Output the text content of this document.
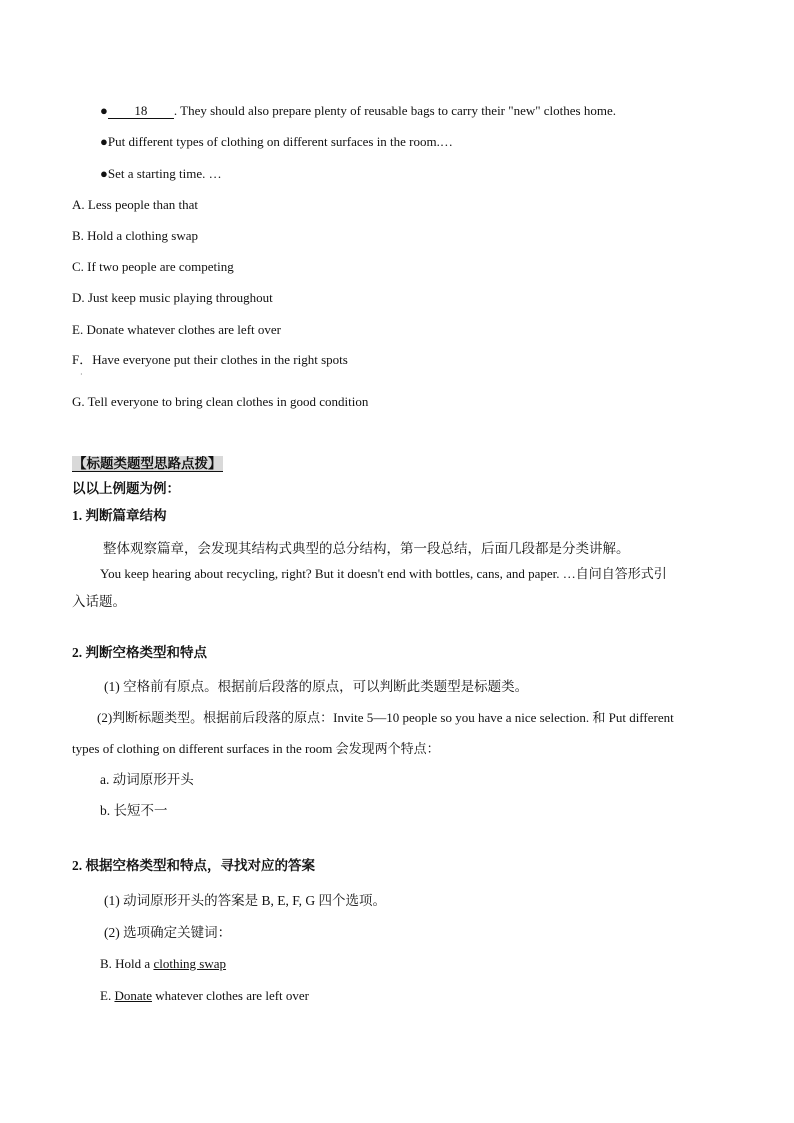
● 18 . They should also prepare plenty of reusable bags to carry their "new" clothes home.
●Put different types of clothing on different surfaces in the room.…
●Set a starting time. …
A. Less people than that
B. Hold a clothing swap
C. If two people are competing
D. Just keep music playing throughout
E. Donate whatever clothes are left over
F．Have everyone put their clothes in the right spots
·
G. Tell everyone to bring clean clothes in good condition
【标题类题型思路点拨】
以以上例题为例：
1. 判断篇章结构
整体观察篇章，会发现其结构式典型的总分结构，第一段总结，后面几段都是分类讲解。
You keep hearing about recycling, right? But it doesn't end with bottles, cans, and paper. …自问自答形式引
入话题。
2. 判断空格类型和特点
(1) 空格前有原点。根据前后段落的原点，可以判断此类题型是标题类。
(2)判断标题类型。根据前后段落的原点：Invite 5—10 people so you have a nice selection. 和 Put different
types of clothing on different surfaces in the room 会发现两个特点：
a. 动词原形开头
b. 长短不一
2. 根据空格类型和特点，寻找对应的答案
(1) 动词原形开头的答案是 B, E, F, G 四个选项。
(2) 选项确定关键词：
B. Hold a clothing swap
E. Donate whatever clothes are left over
